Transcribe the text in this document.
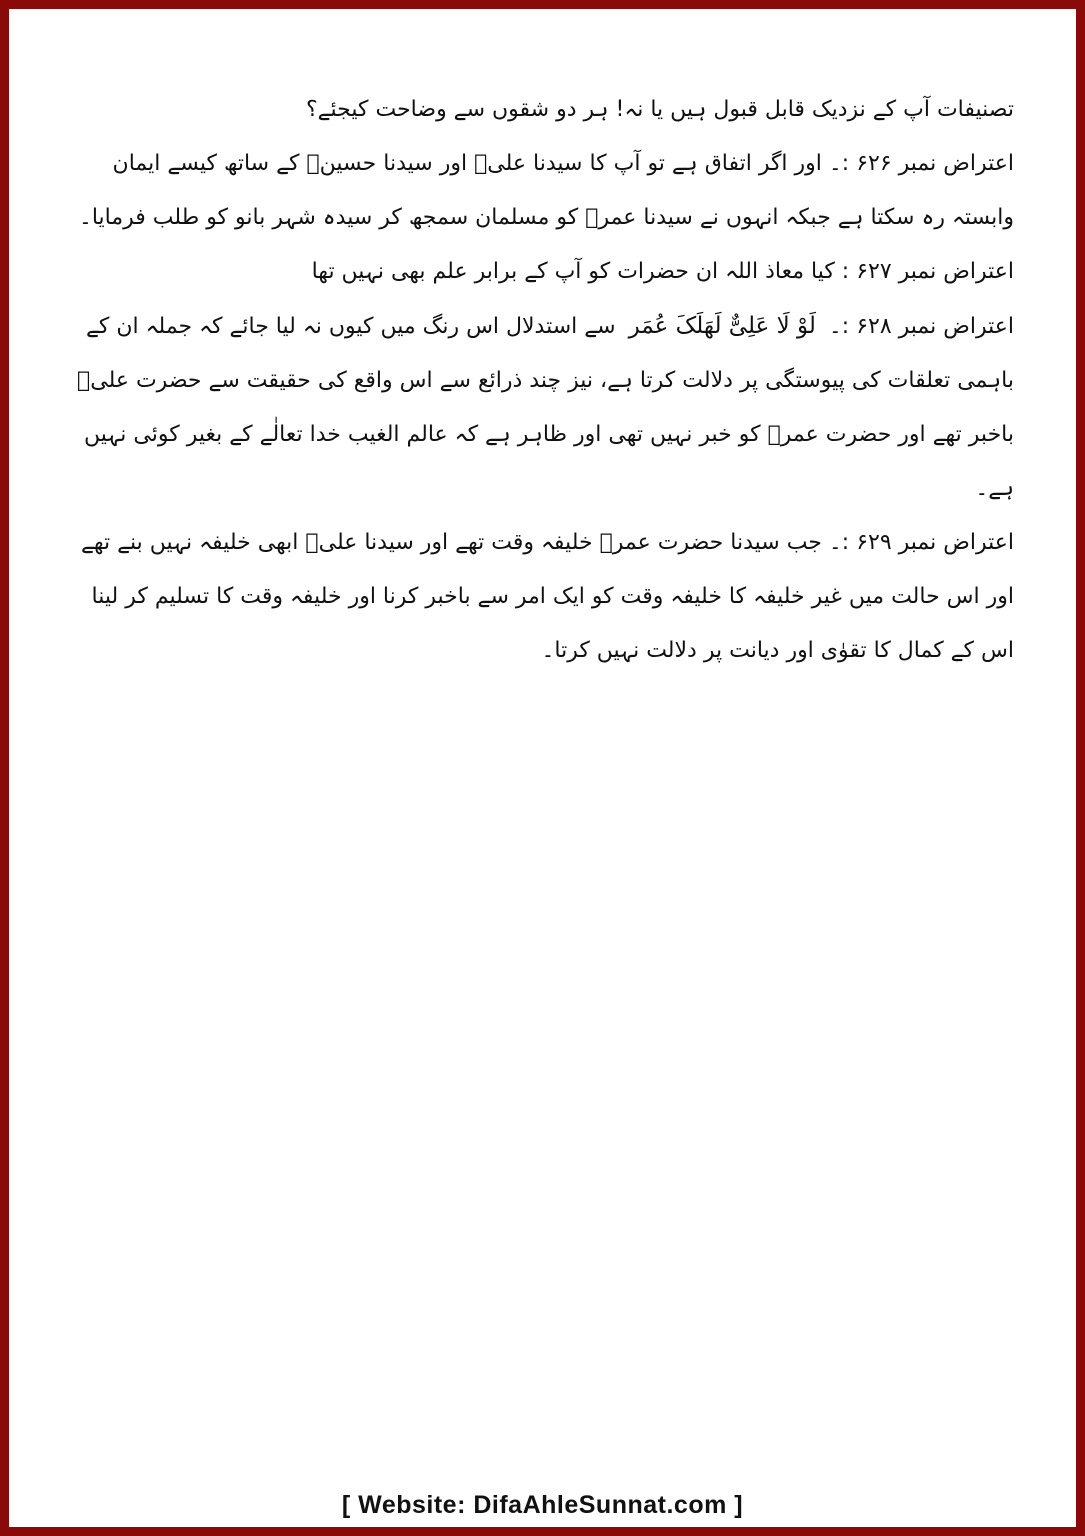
تصنیفات آپ کے نزدیک قابل قبول ہیں یا نہ! ہر دو شقوں سے وضاحت کیجئے؟

اعتراض نمبر ۶۲۶ :۔ اور اگر اتفاق ہے تو آپ کا سیدنا علیؓ اور سیدنا حسینؓ کے ساتھ کیسے ایمان وابستہ رہ سکتا ہے جبکہ انہوں نے سیدنا عمرؓ کو مسلمان سمجھ کر سیدہ شہر بانو کو طلب فرمایا۔

اعتراض نمبر ۶۲۷ : کیا معاذ اللہ ان حضرات کو آپ کے برابر علم بھی نہیں تھا

اعتراض نمبر ۶۲۸ :۔ لَوْ لَا عَلِیٌّ لَھَلَکَ عُمَر سے استدلال اس رنگ میں کیوں نہ لیا جائے کہ جملہ ان کے باہمی تعلقات کی پیوستگی پر دلالت کرتا ہے، نیز چند ذرائع سے اس واقع کی حقیقت سے حضرت علیؓ باخبر تھے اور حضرت عمرؓ کو خبر نہیں تھی اور ظاہر ہے کہ عالم الغیب خدا تعالٰے کے بغیر کوئی نہیں ہے۔

اعتراض نمبر ۶۲۹ :۔ جب سیدنا حضرت عمرؓ خلیفہ وقت تھے اور سیدنا علیؓ ابھی خلیفہ نہیں بنے تھے اور اس حالت میں غیر خلیفہ کا خلیفہ وقت کو ایک امر سے باخبر کرنا اور خلیفہ وقت کا تسلیم کر لینا اس کے کمال کا تقوٰی اور دیانت پر دلالت نہیں کرتا۔

[ Website: DifaAhleSunnat.com ]
